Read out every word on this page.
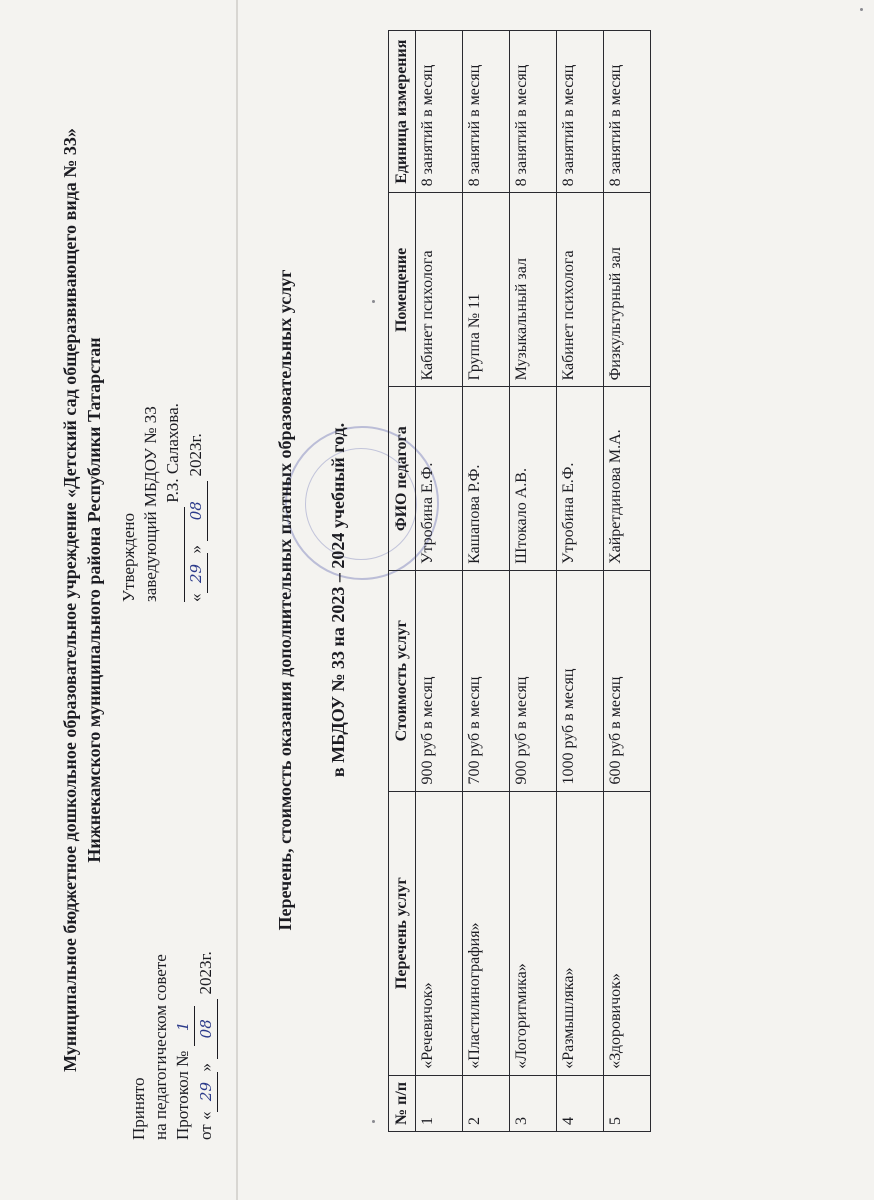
Муниципальное бюджетное дошкольное образовательное учреждение «Детский сад общеразвивающего вида № 33» Нижнекамского муниципального района Республики Татарстан
Принято на педагогическом совете Протокол № 1
от «29» 08 2023г.
Утверждено заведующий МБДОУ № 33 Р.З. Салахова.
«29» 08 2023г.	Перечень, стоимость оказания дополнительных платных образовательных услуг в МБДОУ № 33 на 2023 – 2024 учебный год.
№ п/п	Перечень услуг	Стоимость услуг	ФИО педагога	Помещение	Единица измерения
1	«Речевичок»	900 руб в месяц	Утробина Е.Ф.	Кабинет психолога	8 занятий в месяц
2	«Пластилинография»	700 руб в месяц	Кашапова Р.Ф.	Группа № 11	8 занятий в месяц
3	«Логоритмика»	900 руб в месяц	Штокало А.В.	Музыкальный зал	8 занятий в месяц
4	«Размышляка»	1000 руб в месяц	Утробина Е.Ф.	Кабинет психолога	8 занятий в месяц
5	«Здоровичок»	600 руб в месяц	Хайретдинова М.А.	Физкультурный зал	8 занятий в месяц
